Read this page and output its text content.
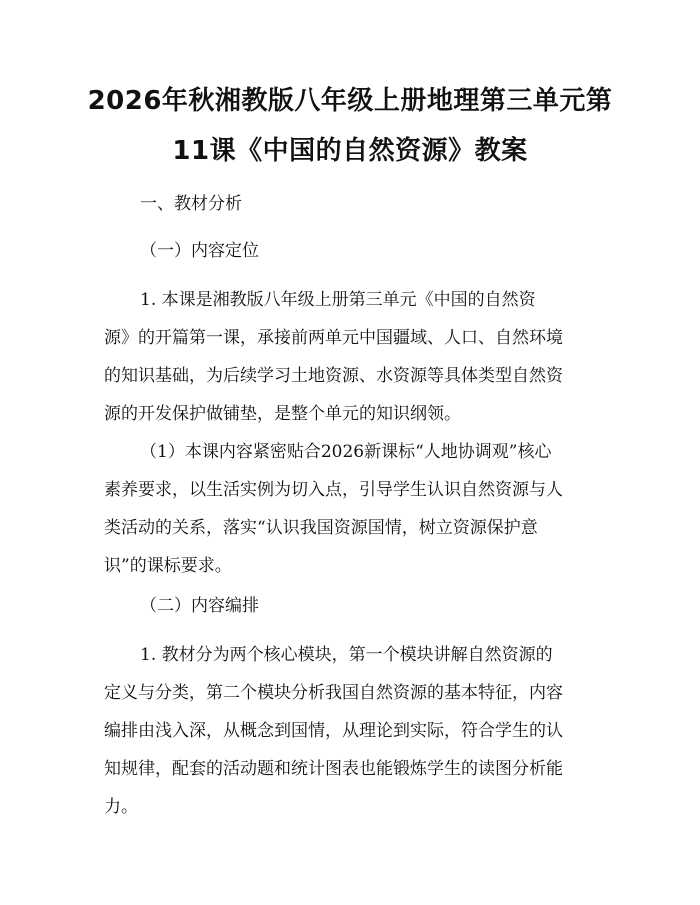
2026年秋湘教版八年级上册地理第三单元第
11课《中国的自然资源》教案
一、教材分析
（一）内容定位
1. 本课是湘教版八年级上册第三单元《中国的自然资
源》的开篇第一课，承接前两单元中国疆域、人口、自然环境
的知识基础，为后续学习土地资源、水资源等具体类型自然资
源的开发保护做铺垫，是整个单元的知识纲领。
（1）本课内容紧密贴合2026新课标“人地协调观”核心
素养要求，以生活实例为切入点，引导学生认识自然资源与人
类活动的关系，落实“认识我国资源国情，树立资源保护意
识”的课标要求。
（二）内容编排
1. 教材分为两个核心模块，第一个模块讲解自然资源的
定义与分类，第二个模块分析我国自然资源的基本特征，内容
编排由浅入深，从概念到国情，从理论到实际，符合学生的认
知规律，配套的活动题和统计图表也能锻炼学生的读图分析能
力。
